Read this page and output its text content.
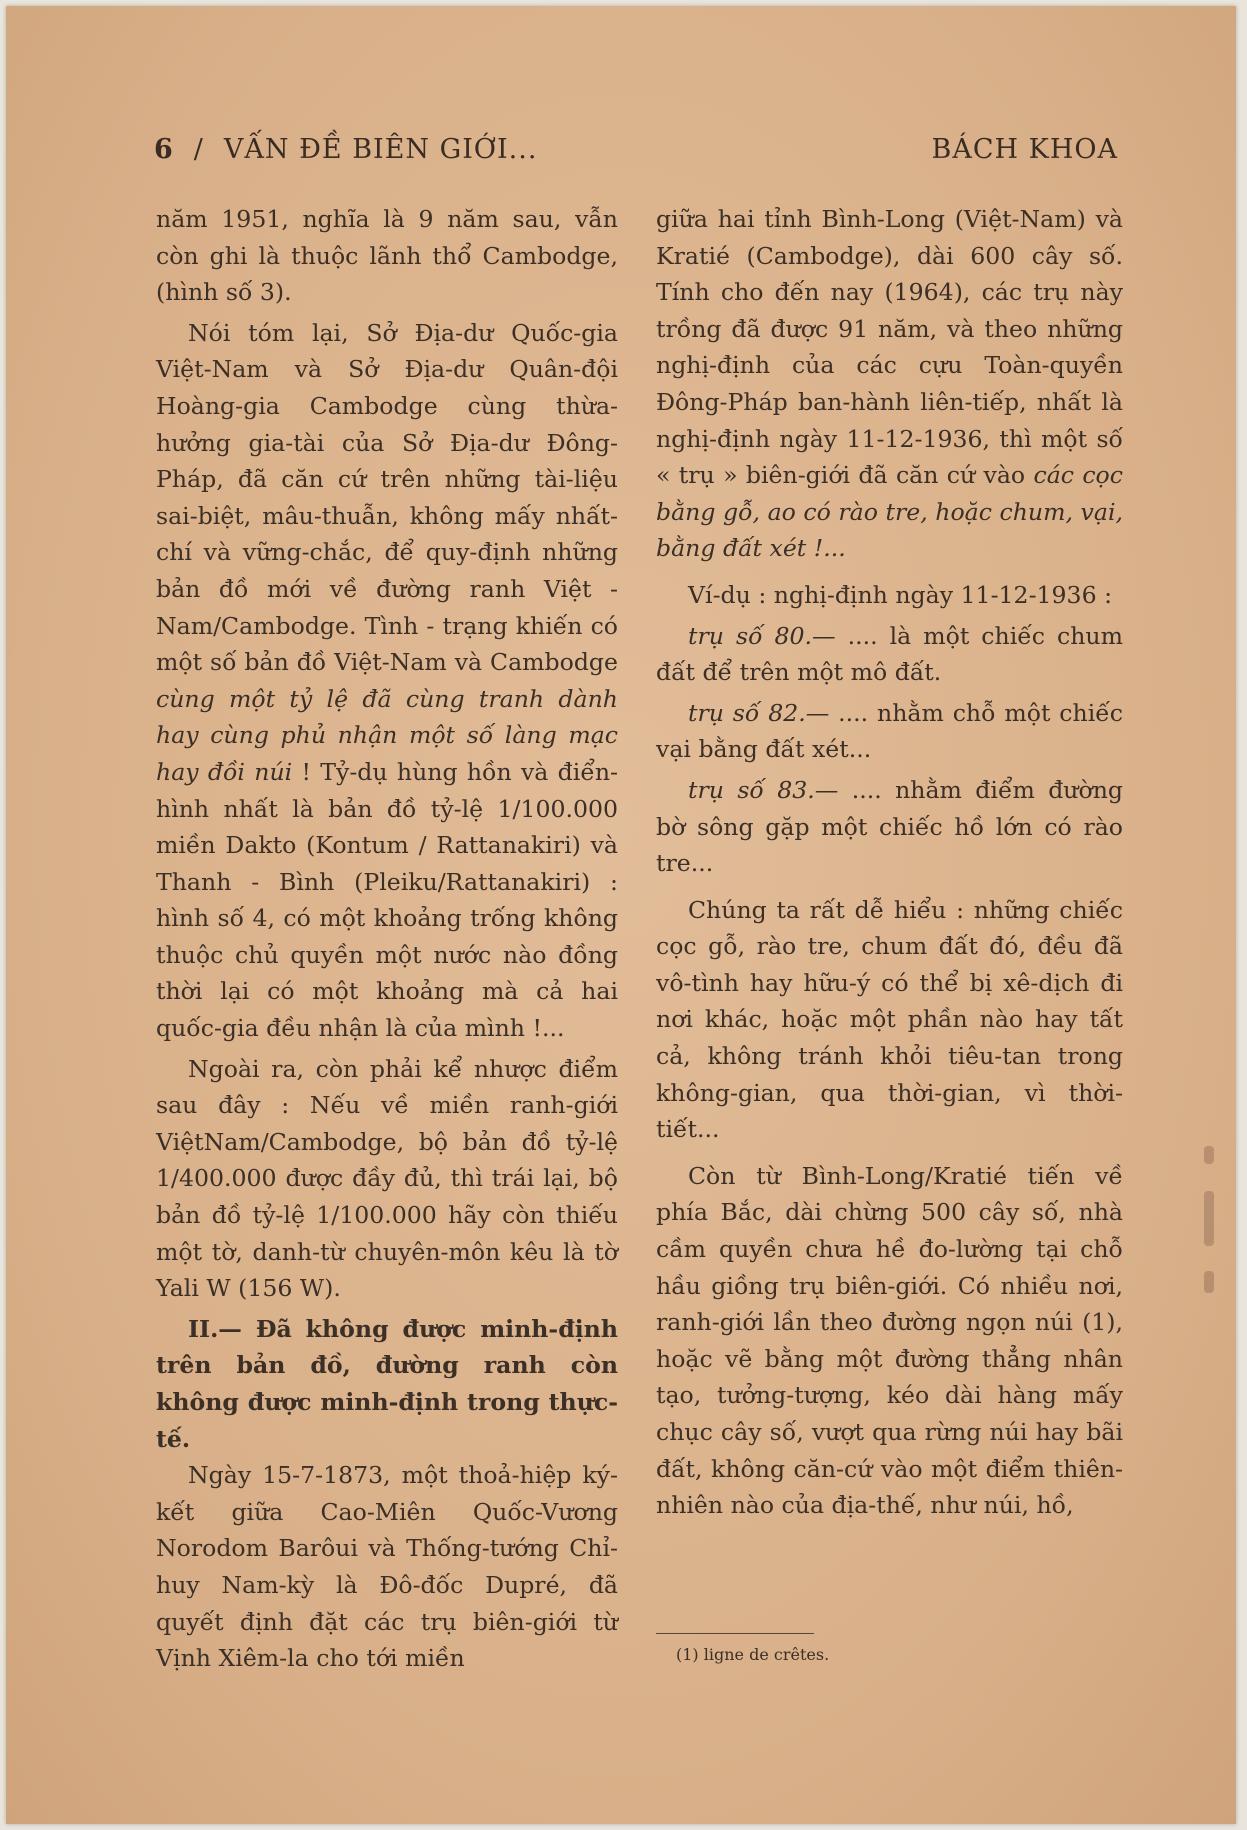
6 / VẤN ĐỀ BIÊN GIỚI...	BÁCH KHOA

năm 1951, nghĩa là 9 năm sau, vẫn còn ghi là thuộc lãnh thổ Cambodge, (hình số 3).

Nói tóm lại, Sở Địa-dư Quốc-gia Việt-Nam và Sở Địa-dư Quân-đội Hoàng-gia Cambodge cùng thừa-hưởng gia-tài của Sở Địa-dư Đông-Pháp, đã căn cứ trên những tài-liệu sai-biệt, mâu-thuẫn, không mấy nhất-chí và vững-chắc, để quy-định những bản đồ mới về đường ranh Việt - Nam/Cambodge. Tình - trạng khiến có một số bản đồ Việt-Nam và Cambodge cùng một tỷ lệ đã cùng tranh dành hay cùng phủ nhận một số làng mạc hay đồi núi ! Tỷ-dụ hùng hồn và điển-hình nhất là bản đồ tỷ-lệ 1/100.000 miền Dakto (Kontum / Rattanakiri) và Thanh - Bình (Pleiku/Rattanakiri) : hình số 4, có một khoảng trống không thuộc chủ quyền một nước nào đồng thời lại có một khoảng mà cả hai quốc-gia đều nhận là của mình !...

Ngoài ra, còn phải kể nhược điểm sau đây : Nếu về miền ranh-giới ViệtNam/Cambodge, bộ bản đồ tỷ-lệ 1/400.000 được đầy đủ, thì trái lại, bộ bản đồ tỷ-lệ 1/100.000 hãy còn thiếu một tờ, danh-từ chuyên-môn kêu là tờ Yali W (156 W).

II.— Đã không được minh-định trên bản đồ, đường ranh còn không được minh-định trong thực-tế.

Ngày 15-7-1873, một thoả-hiệp ký-kết giữa Cao-Miên Quốc-Vương Norodom Barôui và Thống-tướng Chỉ-huy Nam-kỳ là Đô-đốc Dupré, đã quyết định đặt các trụ biên-giới từ Vịnh Xiêm-la cho tới miền

giữa hai tỉnh Bình-Long (Việt-Nam) và Kratié (Cambodge), dài 600 cây số. Tính cho đến nay (1964), các trụ này trồng đã được 91 năm, và theo những nghị-định của các cựu Toàn-quyền Đông-Pháp ban-hành liên-tiếp, nhất là nghị-định ngày 11-12-1936, thì một số « trụ » biên-giới đã căn cứ vào các cọc bằng gỗ, ao có rào tre, hoặc chum, vại, bằng đất xét !...

Ví-dụ : nghị-định ngày 11-12-1936 :

trụ số 80.— .... là một chiếc chum đất để trên một mô đất.

trụ số 82.— .... nhằm chỗ một chiếc vại bằng đất xét...

trụ số 83.— .... nhằm điểm đường bờ sông gặp một chiếc hồ lớn có rào tre...

Chúng ta rất dễ hiểu : những chiếc cọc gỗ, rào tre, chum đất đó, đều đã vô-tình hay hữu-ý có thể bị xê-dịch đi nơi khác, hoặc một phần nào hay tất cả, không tránh khỏi tiêu-tan trong không-gian, qua thời-gian, vì thời-tiết...

Còn từ Bình-Long/Kratié tiến về phía Bắc, dài chừng 500 cây số, nhà cầm quyền chưa hề đo-lường tại chỗ hầu giồng trụ biên-giới. Có nhiều nơi, ranh-giới lần theo đường ngọn núi (1), hoặc vẽ bằng một đường thẳng nhân tạo, tưởng-tượng, kéo dài hàng mấy chục cây số, vượt qua rừng núi hay bãi đất, không căn-cứ vào một điểm thiên-nhiên nào của địa-thế, như núi, hồ,

(1) ligne de crêtes.
